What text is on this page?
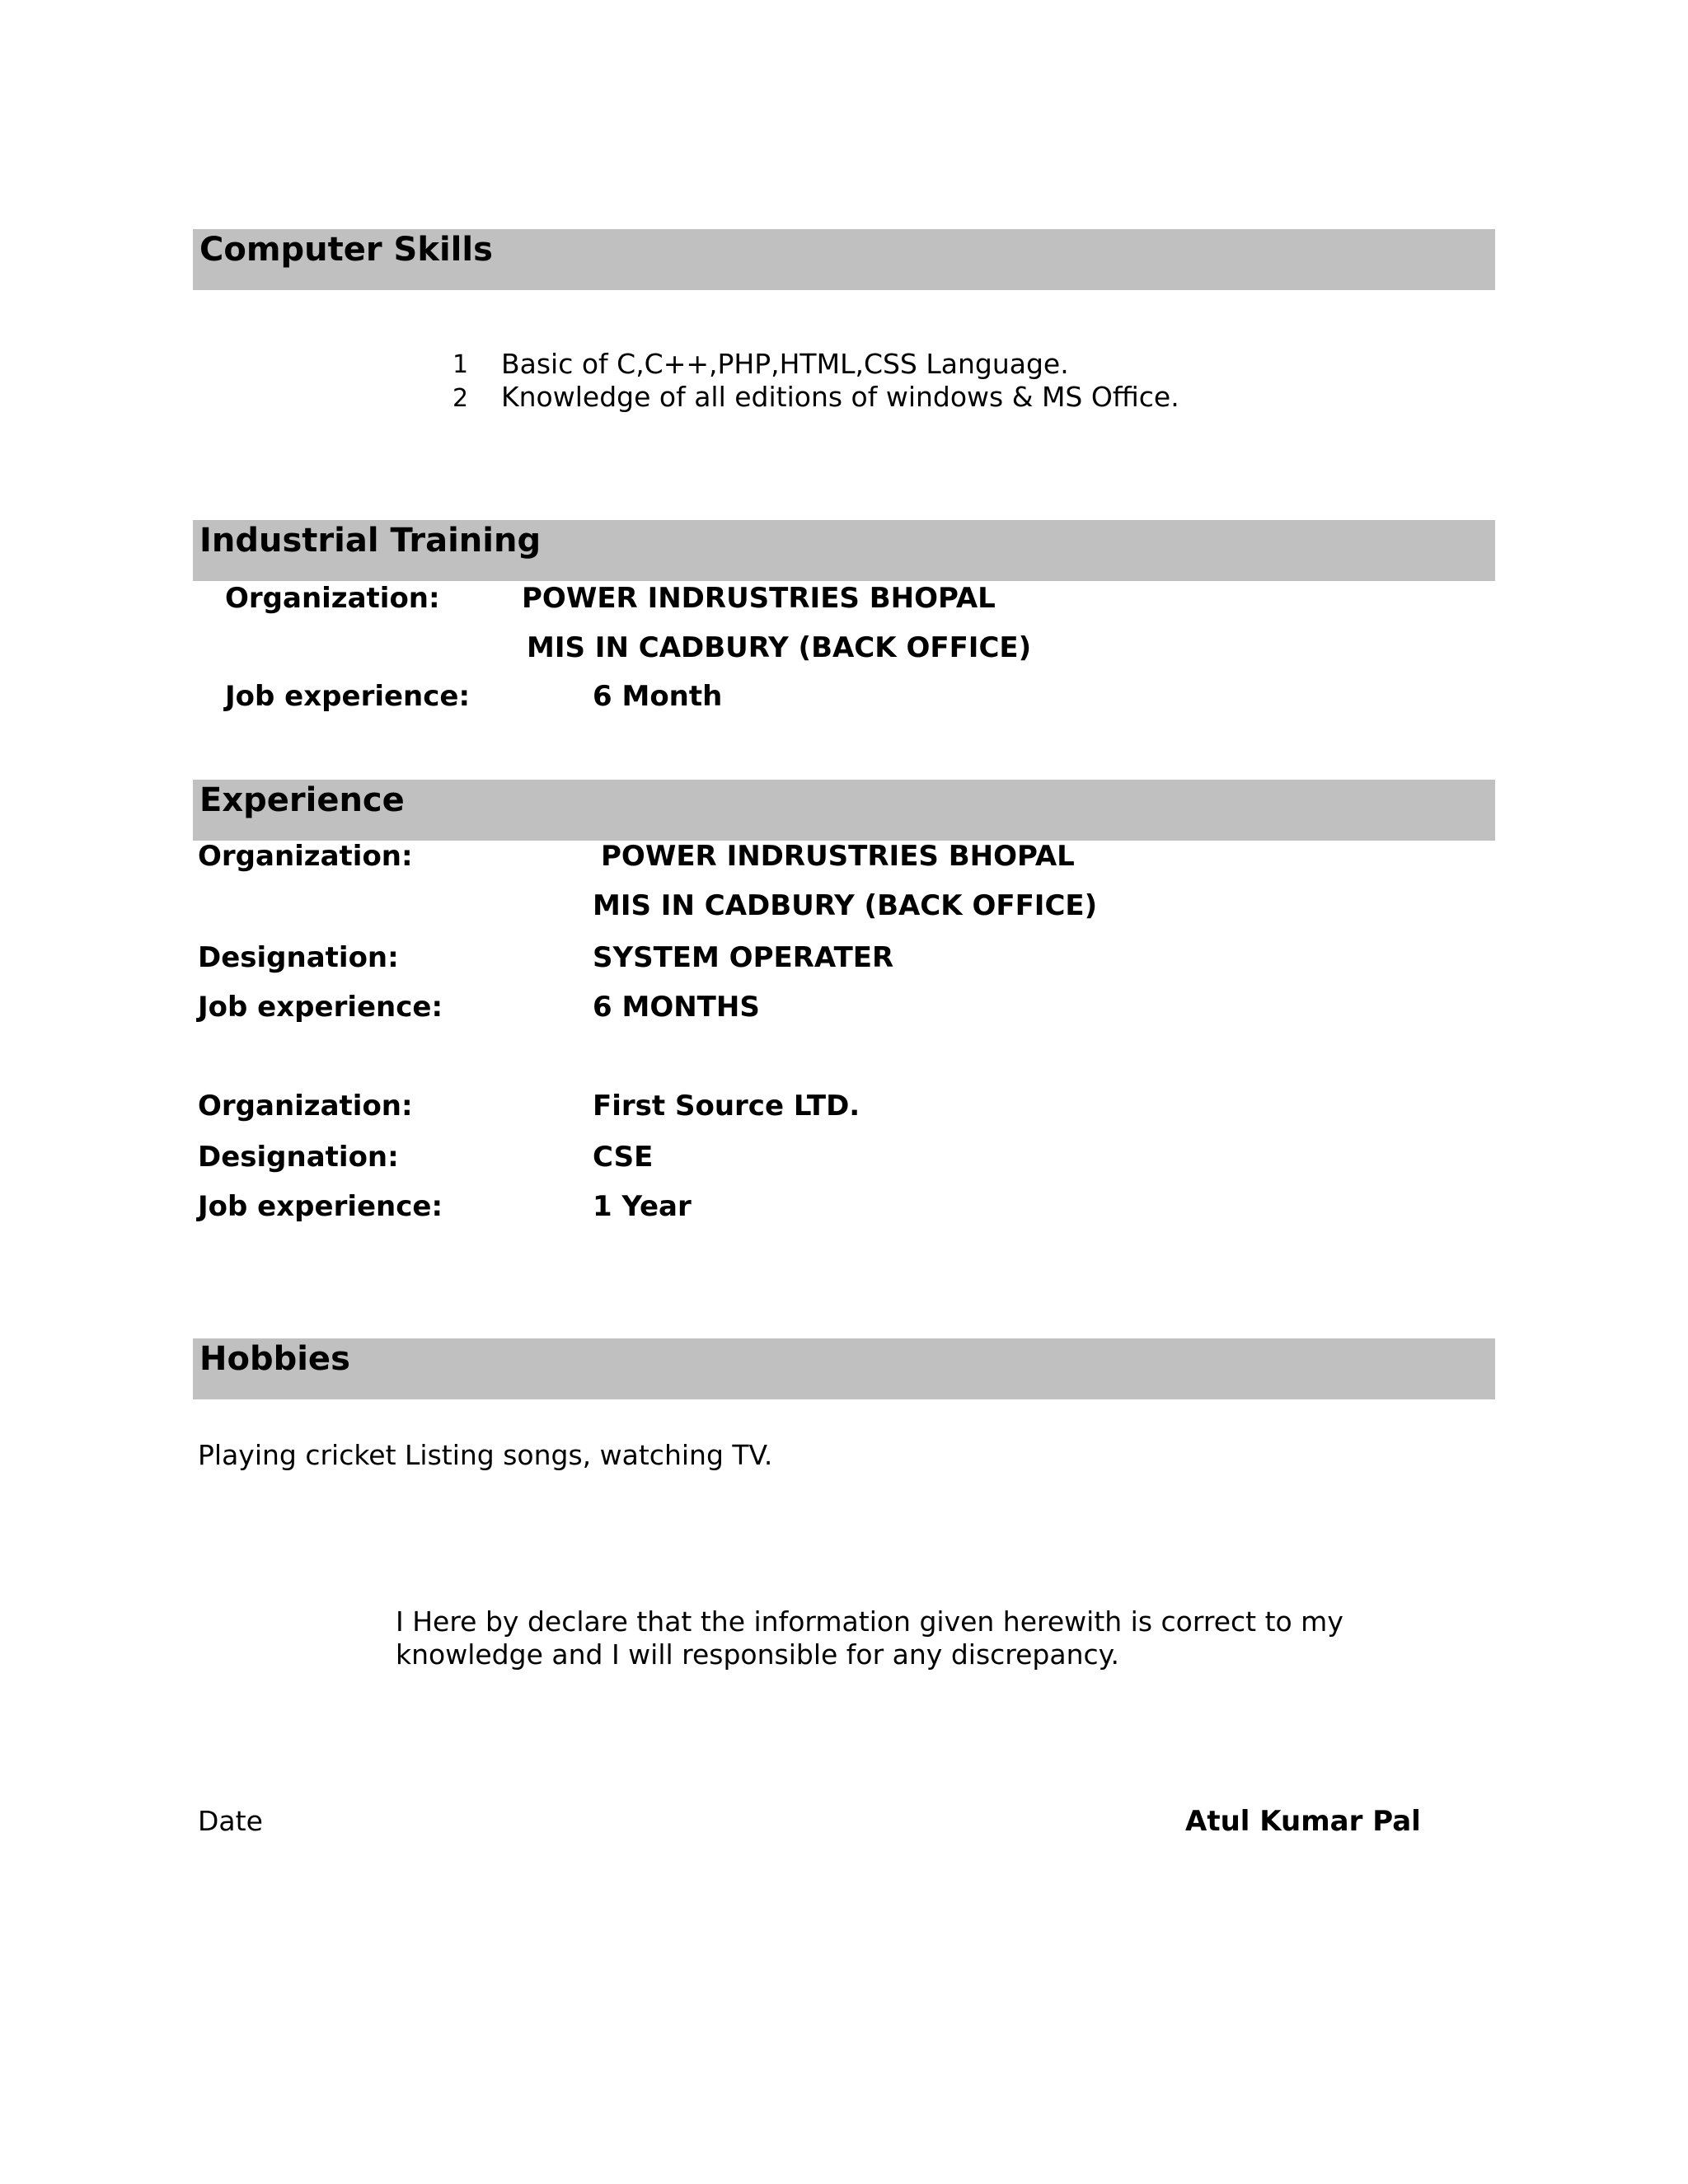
Computer Skills
1 Basic of C,C++,PHP,HTML,CSS Language.
2 Knowledge of all editions of windows & MS Office.
Industrial Training
Organization:	POWER INDRUSTRIES BHOPAL
MIS IN CADBURY (BACK OFFICE)
Job experience:	6 Month
Experience
Organization:	POWER INDRUSTRIES BHOPAL
MIS IN CADBURY (BACK OFFICE)
Designation:	SYSTEM OPERATER
Job experience:	6 MONTHS
Organization:	First Source LTD.
Designation:	CSE
Job experience:	1 Year
Hobbies
Playing cricket Listing songs, watching TV.
I Here by declare that the information given herewith is correct to my
knowledge and I will responsible for any discrepancy.
Date	Atul Kumar Pal
